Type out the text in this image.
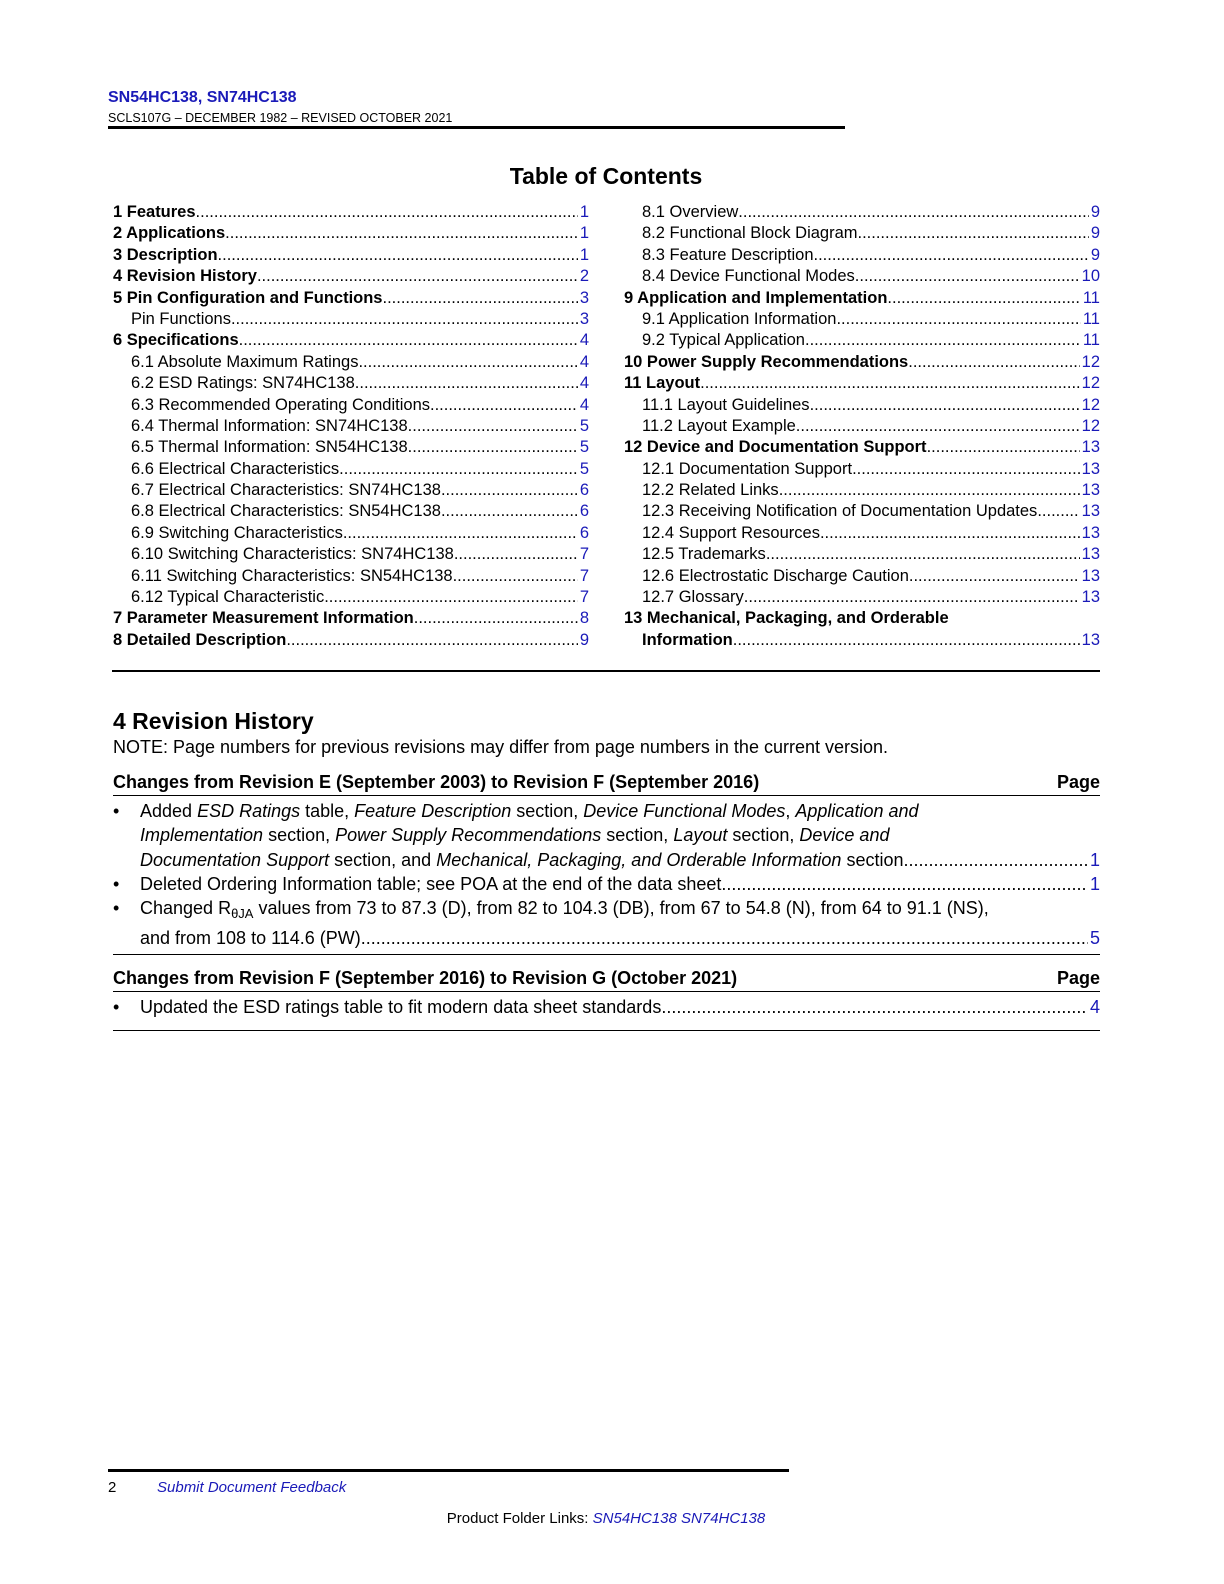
SN54HC138, SN74HC138
SCLS107G – DECEMBER 1982 – REVISED OCTOBER 2021
Table of Contents
1 Features .....	1
2 Applications .....	1
3 Description .....	1
4 Revision History .....	2
5 Pin Configuration and Functions .....	3
Pin Functions .....	3
6 Specifications .....	4
6.1 Absolute Maximum Ratings .....	4
6.2 ESD Ratings: SN74HC138 .....	4
6.3 Recommended Operating Conditions .....	4
6.4 Thermal Information: SN74HC138 .....	5
6.5 Thermal Information: SN54HC138 .....	5
6.6 Electrical Characteristics .....	5
6.7 Electrical Characteristics: SN74HC138 .....	6
6.8 Electrical Characteristics: SN54HC138 .....	6
6.9 Switching Characteristics .....	6
6.10 Switching Characteristics: SN74HC138 .....	7
6.11 Switching Characteristics: SN54HC138 .....	7
6.12 Typical Characteristic .....	7
7 Parameter Measurement Information .....	8
8 Detailed Description .....	9
8.1 Overview .....	9
8.2 Functional Block Diagram .....	9
8.3 Feature Description .....	9
8.4 Device Functional Modes .....	10
9 Application and Implementation .....	11
9.1 Application Information .....	11
9.2 Typical Application .....	11
10 Power Supply Recommendations .....	12
11 Layout .....	12
11.1 Layout Guidelines .....	12
11.2 Layout Example .....	12
12 Device and Documentation Support .....	13
12.1 Documentation Support .....	13
12.2 Related Links .....	13
12.3 Receiving Notification of Documentation Updates .....	13
12.4 Support Resources .....	13
12.5 Trademarks .....	13
12.6 Electrostatic Discharge Caution .....	13
12.7 Glossary .....	13
13 Mechanical, Packaging, and Orderable
Information .....	13
4 Revision History
NOTE: Page numbers for previous revisions may differ from page numbers in the current version.
Changes from Revision E (September 2003) to Revision F (September 2016)	Page
• Added ESD Ratings table, Feature Description section, Device Functional Modes, Application and
Implementation section, Power Supply Recommendations section, Layout section, Device and
Documentation Support section, and Mechanical, Packaging, and Orderable Information section .....	1
• Deleted Ordering Information table; see POA at the end of the data sheet .....	1
• Changed $R_{\theta JA}$ values from 73 to 87.3 (D), from 82 to 104.3 (DB), from 67 to 54.8 (N), from 64 to 91.1 (NS),
and from 108 to 114.6 (PW) .....	5
Changes from Revision F (September 2016) to Revision G (October 2021)	Page
• Updated the ESD ratings table to fit modern data sheet standards .....	4
2	Submit Document Feedback
Product Folder Links: SN54HC138 SN74HC138
